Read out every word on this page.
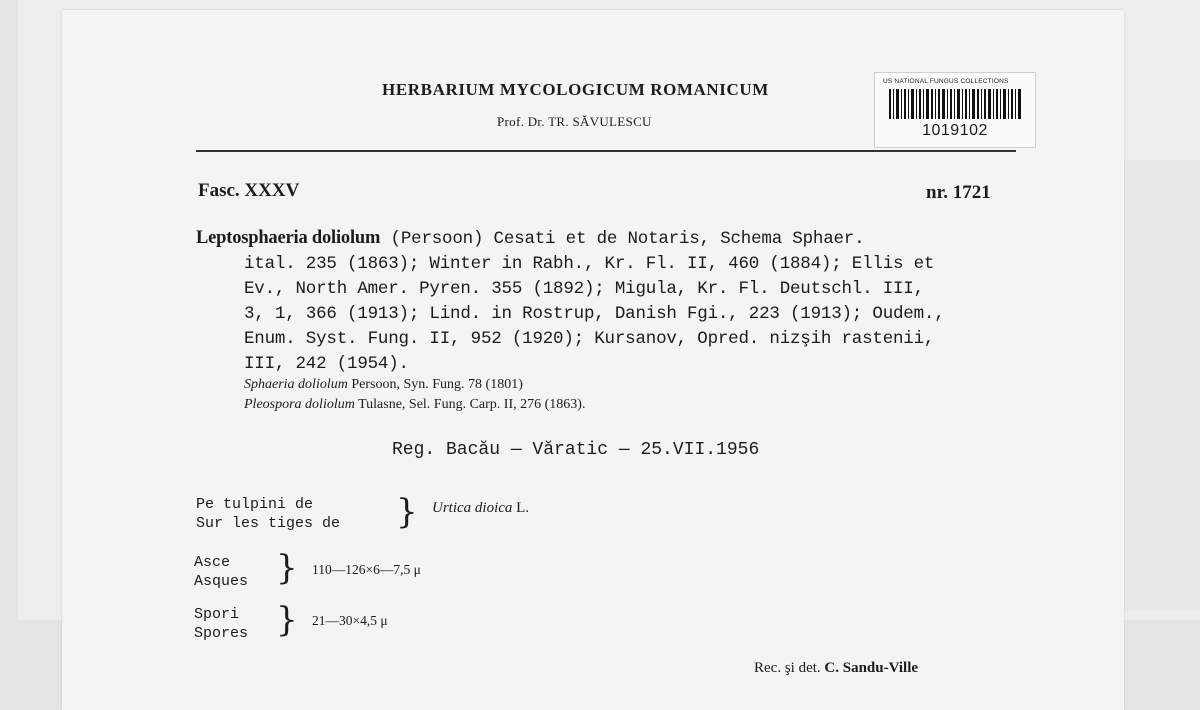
HERBARIUM MYCOLOGICUM ROMANICUM
Prof. Dr. TR. SĂVULESCU
US NATIONAL FUNGUS COLLECTIONS
1019102
Fasc. XXXV	nr. 1721
Leptosphaeria doliolum (Persoon) Cesati et de Notaris, Schema Sphaer.
ital. 235 (1863); Winter in Rabh., Kr. Fl. II, 460 (1884); Ellis et
Ev., North Amer. Pyren. 355 (1892); Migula, Kr. Fl. Deutschl. III,
3, 1, 366 (1913); Lind. in Rostrup, Danish Fgi., 223 (1913); Oudem.,
Enum. Syst. Fung. II, 952 (1920); Kursanov, Opred. nizşih rastenii,
III, 242 (1954).
Sphaeria doliolum Persoon, Syn. Fung. 78 (1801)
Pleospora doliolum Tulasne, Sel. Fung. Carp. II, 276 (1863).
Reg. Bacău — Văratic — 25.VII.1956
Pe tulpini de
Sur les tiges de } Urtica dioica L.
Asce
Asques } 110—126×6—7,5 μ
Spori
Spores } 21—30×4,5 μ
Rec. şi det. C. Sandu-Ville
